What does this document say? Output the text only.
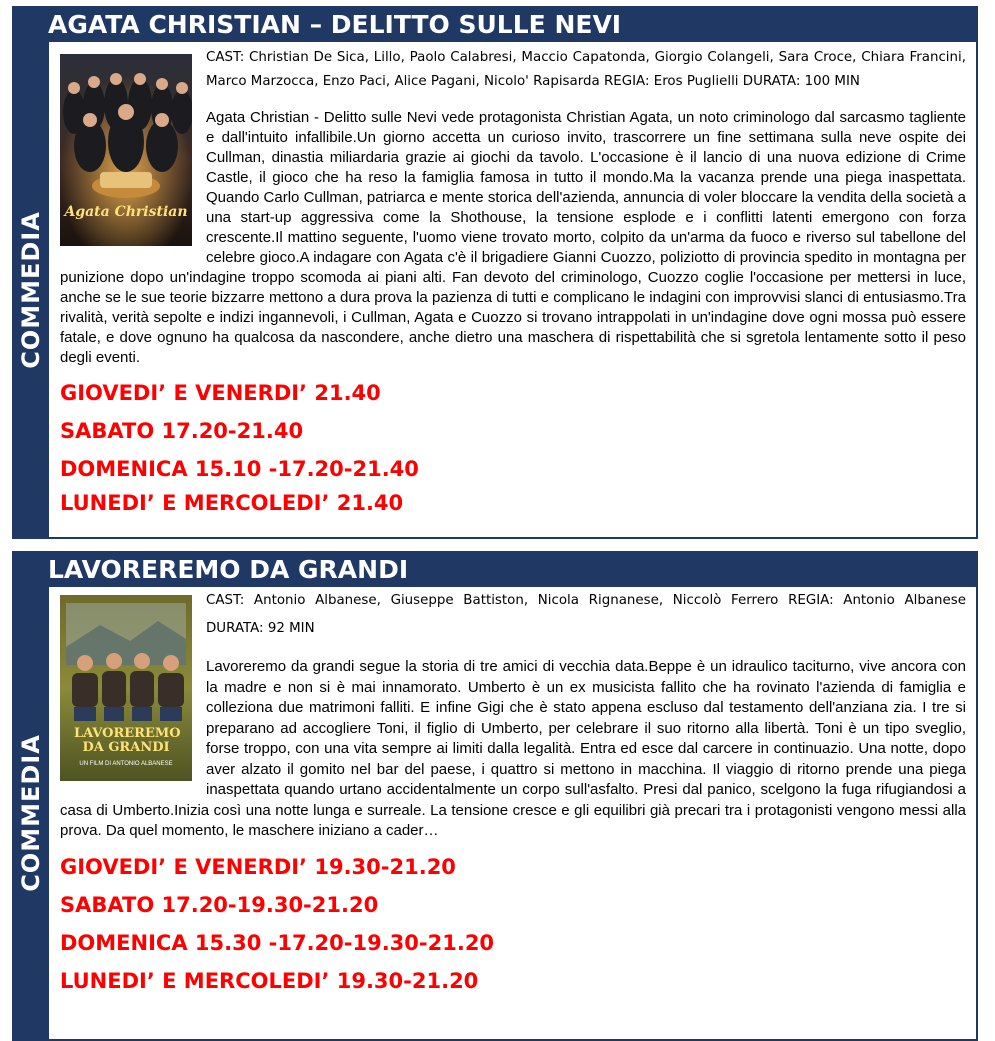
AGATA CHRISTIAN – DELITTO SULLE NEVI
COMMEDIA	Agata Christian

CAST: Christian De Sica, Lillo, Paolo Calabresi, Maccio Capatonda, Giorgio Colangeli, Sara Croce, Chiara Francini, Marco Marzocca, Enzo Paci, Alice Pagani, Nicolo' Rapisarda REGIA: Eros Puglielli DURATA: 100 MIN

Agata Christian - Delitto sulle Nevi vede protagonista Christian Agata, un noto criminologo dal sarcasmo tagliente e dall'intuito infallibile.Un giorno accetta un curioso invito, trascorrere un fine settimana sulla neve ospite dei Cullman, dinastia miliardaria grazie ai giochi da tavolo. L'occasione è il lancio di una nuova edizione di Crime Castle, il gioco che ha reso la famiglia famosa in tutto il mondo.Ma la vacanza prende una piega inaspettata. Quando Carlo Cullman, patriarca e mente storica dell'azienda, annuncia di voler bloccare la vendita della società a una start-up aggressiva come la Shothouse, la tensione esplode e i conflitti latenti emergono con forza crescente.Il mattino seguente, l'uomo viene trovato morto, colpito da un'arma da fuoco e riverso sul tabellone del celebre gioco.A indagare con Agata c'è il brigadiere Gianni Cuozzo, poliziotto di provincia spedito in montagna per punizione dopo un'indagine troppo scomoda ai piani alti. Fan devoto del criminologo, Cuozzo coglie l'occasione per mettersi in luce, anche se le sue teorie bizzarre mettono a dura prova la pazienza di tutti e complicano le indagini con improvvisi slanci di entusiasmo.Tra rivalità, verità sepolte e indizi ingannevoli, i Cullman, Agata e Cuozzo si trovano intrappolati in un'indagine dove ogni mossa può essere fatale, e dove ognuno ha qualcosa da nascondere, anche dietro una maschera di rispettabilità che si sgretola lentamente sotto il peso degli eventi.

GIOVEDI’ E VENERDI’ 21.40

SABATO 17.20-21.40

DOMENICA 15.10 -17.20-21.40

LUNEDI’ E MERCOLEDI’ 21.40

LAVOREREMO DA GRANDI
COMMEDIA
LAVOREREMO DA GRANDI
UN FILM DI ANTONIO ALBANESE

CAST: Antonio Albanese, Giuseppe Battiston, Nicola Rignanese, Niccolò Ferrero REGIA: Antonio Albanese DURATA: 92 MIN

Lavoreremo da grandi segue la storia di tre amici di vecchia data.Beppe è un idraulico taciturno, vive ancora con la madre e non si è mai innamorato. Umberto è un ex musicista fallito che ha rovinato l'azienda di famiglia e colleziona due matrimoni falliti. E infine Gigi che è stato appena escluso dal testamento dell'anziana zia. I tre si preparano ad accogliere Toni, il figlio di Umberto, per celebrare il suo ritorno alla libertà. Toni è un tipo sveglio, forse troppo, con una vita sempre ai limiti dalla legalità. Entra ed esce dal carcere in continuazio. Una notte, dopo aver alzato il gomito nel bar del paese, i quattro si mettono in macchina. Il viaggio di ritorno prende una piega inaspettata quando urtano accidentalmente un corpo sull'asfalto. Presi dal panico, scelgono la fuga rifugiandosi a casa di Umberto.Inizia così una notte lunga e surreale. La tensione cresce e gli equilibri già precari tra i protagonisti vengono messi alla prova. Da quel momento, le maschere iniziano a cader…

GIOVEDI’ E VENERDI’ 19.30-21.20

SABATO 17.20-19.30-21.20

DOMENICA 15.30 -17.20-19.30-21.20

LUNEDI’ E MERCOLEDI’ 19.30-21.20
